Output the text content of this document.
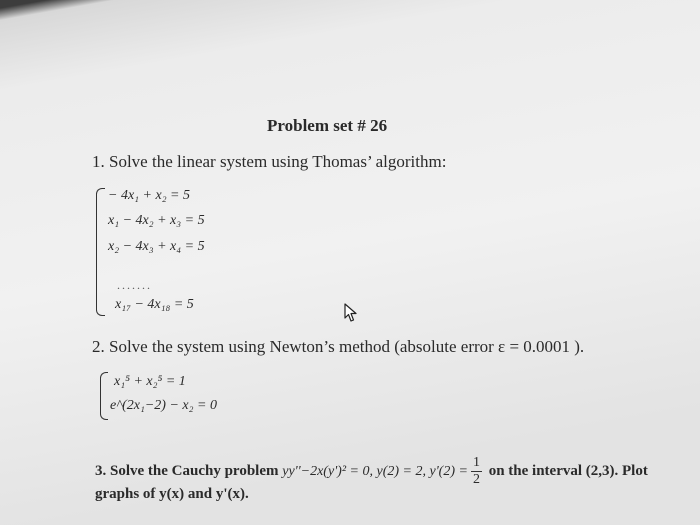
Problem set # 26
1. Solve the linear system using Thomas’ algorithm:
− 4x₁ + x₂ = 5
x₁ − 4x₂ + x₃ = 5
x₂ − 4x₃ + x₄ = 5
.......
x₁₇ − 4x₁₈ = 5
2. Solve the system using Newton’s method (absolute error ε = 0.0001 ).
x₁⁵ + x₂⁵ = 1
e^(2x₁−2) − x₂ = 0
3. Solve the Cauchy problem yy''−2x(y')² = 0, y(2) = 2, $y'(2) = \frac{1}{2}$ on the interval (2,3). Plot
graphs of y(x) and y'(x).
